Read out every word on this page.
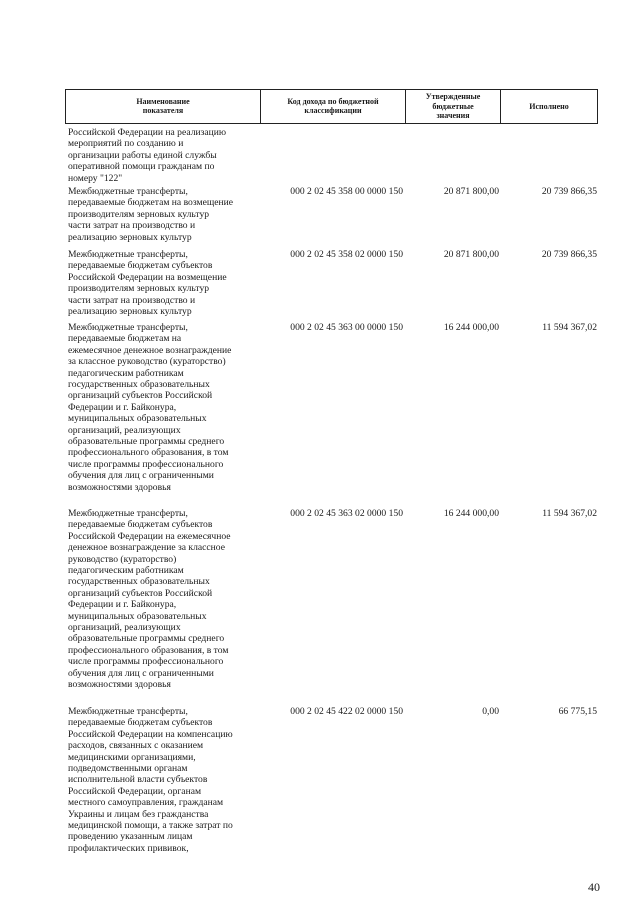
Наименование
показателя	Код дохода по бюджетной
классификации	Утвержденные
бюджетные
значения	Исполнено
Российской Федерации на реализацию
мероприятий по созданию и
организации работы единой службы
оперативной помощи гражданам по
номеру "122"
Межбюджетные трансферты,
передаваемые бюджетам на возмещение
производителям зерновых культур
части затрат на производство и
реализацию зерновых культур
000 2 02 45 358 00 0000 150	20 871 800,00	20 739 866,35
Межбюджетные трансферты,
передаваемые бюджетам субъектов
Российской Федерации на возмещение
производителям зерновых культур
части затрат на производство и
реализацию зерновых культур
000 2 02 45 358 02 0000 150	20 871 800,00	20 739 866,35
Межбюджетные трансферты,
передаваемые бюджетам на
ежемесячное денежное вознаграждение
за классное руководство (кураторство)
педагогическим работникам
государственных образовательных
организаций субъектов Российской
Федерации и г. Байконура,
муниципальных образовательных
организаций, реализующих
образовательные программы среднего
профессионального образования, в том
числе программы профессионального
обучения для лиц с ограниченными
возможностями здоровья
000 2 02 45 363 00 0000 150	16 244 000,00	11 594 367,02
Межбюджетные трансферты,
передаваемые бюджетам субъектов
Российской Федерации на ежемесячное
денежное вознаграждение за классное
руководство (кураторство)
педагогическим работникам
государственных образовательных
организаций субъектов Российской
Федерации и г. Байконура,
муниципальных образовательных
организаций, реализующих
образовательные программы среднего
профессионального образования, в том
числе программы профессионального
обучения для лиц с ограниченными
возможностями здоровья
000 2 02 45 363 02 0000 150	16 244 000,00	11 594 367,02
Межбюджетные трансферты,
передаваемые бюджетам субъектов
Российской Федерации на компенсацию
расходов, связанных с оказанием
медицинскими организациями,
подведомственными органам
исполнительной власти субъектов
Российской Федерации, органам
местного самоуправления, гражданам
Украины и лицам без гражданства
медицинской помощи, а также затрат по
проведению указанным лицам
профилактических прививок,
000 2 02 45 422 02 0000 150	0,00	66 775,15
40
